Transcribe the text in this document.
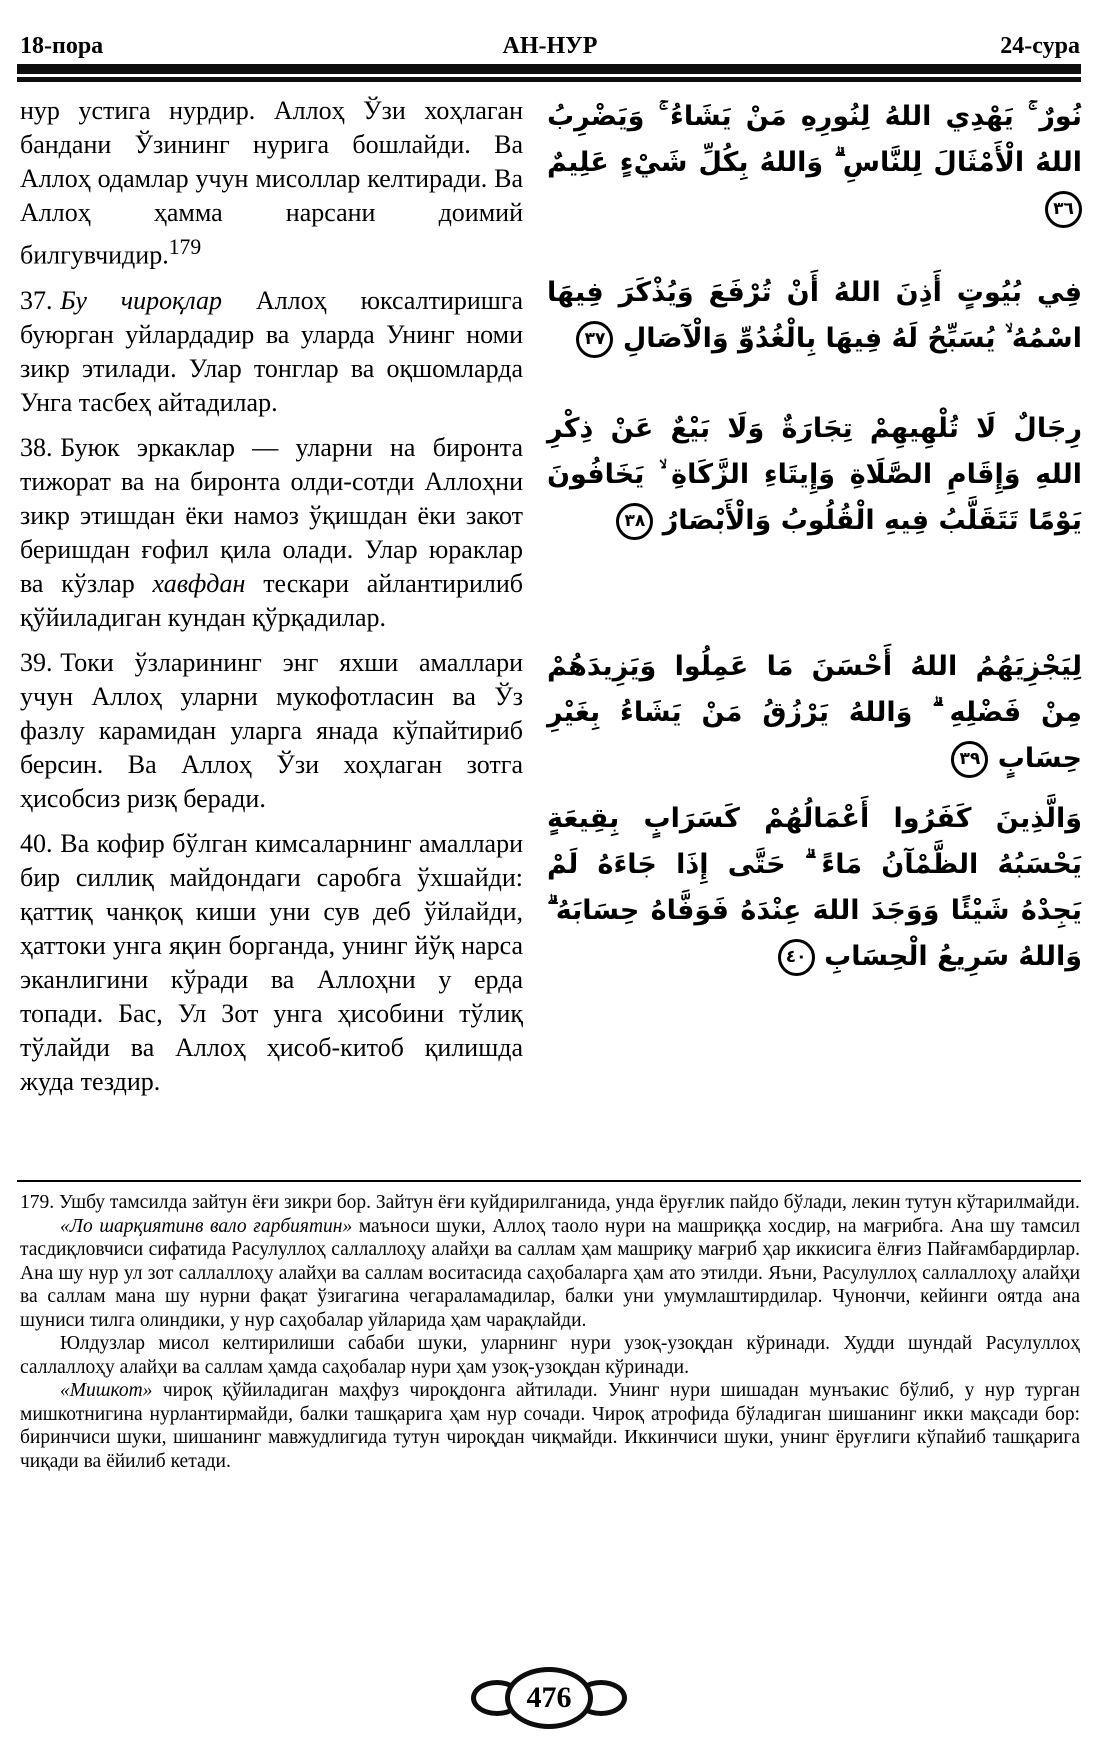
18-пора	АН-НУР	24-сура

нур устига нурдир. Аллоҳ Ўзи хоҳлаган бандани Ўзининг нурига бошлайди. Ва Аллоҳ одамлар учун мисоллар келтиради. Ва Аллоҳ ҳамма нарсани доимий билгувчидир.$^{179}$

37. Бу чироқлар Аллоҳ юксалтиришга буюрган уйлардадир ва уларда Унинг номи зикр этилади. Улар тонглар ва оқшомларда Унга тасбеҳ айтадилар.

38. Буюк эркаклар — уларни на биронта тижорат ва на биронта олди-сотди Аллоҳни зикр этишдан ёки намоз ўқишдан ёки закот беришдан ғофил қила олади. Улар юраклар ва кўзлар хавфдан тескари айлантирилиб қўйиладиган кундан қўрқадилар.

39. Токи ўзларининг энг яхши амаллари учун Аллоҳ уларни мукофотласин ва Ўз фазлу карамидан уларга янада кўпайтириб берсин. Ва Аллоҳ Ўзи хоҳлаган зотга ҳисобсиз ризқ беради.

40. Ва кофир бўлган кимсаларнинг амаллари бир силлиқ майдондаги саробга ўхшайди: қаттиқ чанқоқ киши уни сув деб ўйлайди, ҳаттоки унга яқин борганда, унинг йўқ нарса эканлигини кўради ва Аллоҳни у ерда топади. Бас, Ул Зот унга ҳисобини тўлиқ тўлайди ва Аллоҳ ҳисоб-китоб қилишда жуда тездир.

نُورٌ ۚ يَهْدِي اللهُ لِنُورِهِ مَنْ يَشَاءُ ۚ وَيَضْرِبُ اللهُ الْأَمْثَالَ لِلنَّاسِ ۗ وَاللهُ بِكُلِّ شَيْءٍ عَلِيمٌ ٣٦

فِي بُيُوتٍ أَذِنَ اللهُ أَنْ تُرْفَعَ وَيُذْكَرَ فِيهَا اسْمُهُ ۙ يُسَبِّحُ لَهُ فِيهَا بِالْغُدُوِّ وَالْآصَالِ ٣٧

رِجَالٌ لَا تُلْهِيهِمْ تِجَارَةٌ وَلَا بَيْعٌ عَنْ ذِكْرِ اللهِ وَإِقَامِ الصَّلَاةِ وَإِيتَاءِ الزَّكَاةِ ۙ يَخَافُونَ يَوْمًا تَتَقَلَّبُ فِيهِ الْقُلُوبُ وَالْأَبْصَارُ ٣٨

لِيَجْزِيَهُمُ اللهُ أَحْسَنَ مَا عَمِلُوا وَيَزِيدَهُمْ مِنْ فَضْلِهِ ۗ وَاللهُ يَرْزُقُ مَنْ يَشَاءُ بِغَيْرِ حِسَابٍ ٣٩

وَالَّذِينَ كَفَرُوا أَعْمَالُهُمْ كَسَرَابٍ بِقِيعَةٍ يَحْسَبُهُ الظَّمْآنُ مَاءً ۗ حَتَّى إِذَا جَاءَهُ لَمْ يَجِدْهُ شَيْئًا وَوَجَدَ اللهَ عِنْدَهُ فَوَفَّاهُ حِسَابَهُ ۗ وَاللهُ سَرِيعُ الْحِسَابِ ٤٠

179. Ушбу тамсилда зайтун ёғи зикри бор. Зайтун ёғи куйдирилганида, унда ёруғлик пайдо бўлади, лекин тутун кўтарилмайди.

«Ло шарқиятинв вало ғарбиятин» маъноси шуки, Аллоҳ таоло нури на машриққа хосдир, на мағрибга. Ана шу тамсил тасдиқловчиси сифатида Расулуллоҳ саллаллоҳу алайҳи ва саллам ҳам машриқу мағриб ҳар иккисига ёлғиз Пайғамбардирлар. Ана шу нур ул зот саллаллоҳу алайҳи ва саллам воситасида саҳобаларга ҳам ато этилди. Яъни, Расулуллоҳ саллаллоҳу алайҳи ва саллам мана шу нурни фақат ўзигагина чегараламадилар, балки уни умумлаштирдилар. Чунончи, кейинги оятда ана шуниси тилга олиндики, у нур саҳобалар уйларида ҳам чарақлайди.

Юлдузлар мисол келтирилиши сабаби шуки, уларнинг нури узоқ-узоқдан кўринади. Худди шундай Расулуллоҳ саллаллоҳу алайҳи ва саллам ҳамда саҳобалар нури ҳам узоқ-узоқдан кўринади.

«Мишкот» чироқ қўйиладиган маҳфуз чироқдонга айтилади. Унинг нури шишадан мунъакис бўлиб, у нур турган мишкотнигина нурлантирмайди, балки ташқарига ҳам нур сочади. Чироқ атрофида бўладиган шишанинг икки мақсади бор: биринчиси шуки, шишанинг мавжудлигида тутун чироқдан чиқмайди. Иккинчиси шуки, унинг ёруғлиги кўпайиб ташқарига чиқади ва ёйилиб кетади.

476
